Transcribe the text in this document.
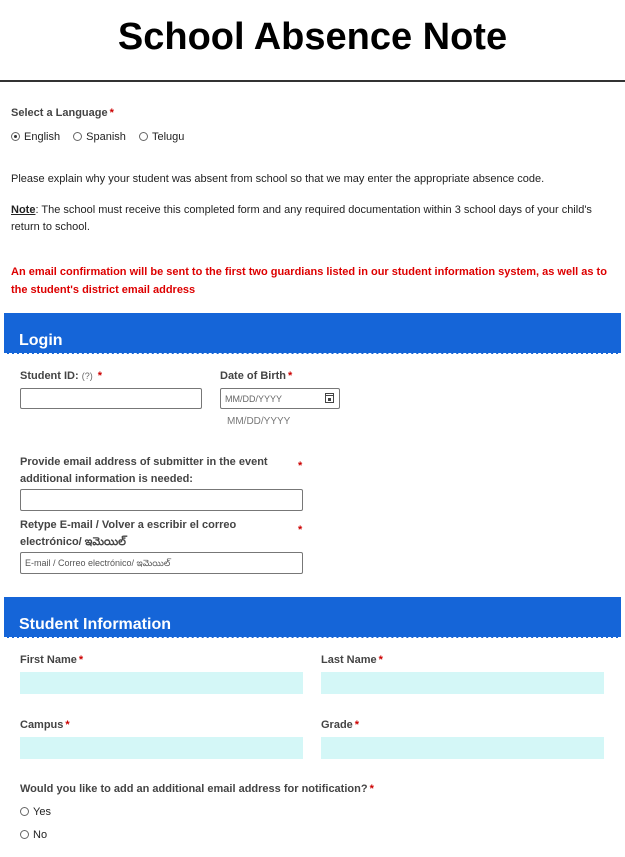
School Absence Note
Select a Language *
English Spanish Telugu
Please explain why your student was absent from school so that we may enter the appropriate absence code.
Note: The school must receive this completed form and any required documentation within 3 school days of your child's return to school.
An email confirmation will be sent to the first two guardians listed in our student information system, as well as to the student's district email address
Login
Student ID: (?) *	Date of Birth *
MM/DD/YYYY
MM/DD/YYYY
Provide email address of submitter in the event additional information is needed:
*
Retype E-mail / Volver a escribir el correo electrónico/ ఇమెయిల్
*
E-mail / Correo electrónico/ ఇమెయిల్
Student Information
First Name *	Last Name *
Campus *	Grade *
Would you like to add an additional email address for notification? *
Yes
No
